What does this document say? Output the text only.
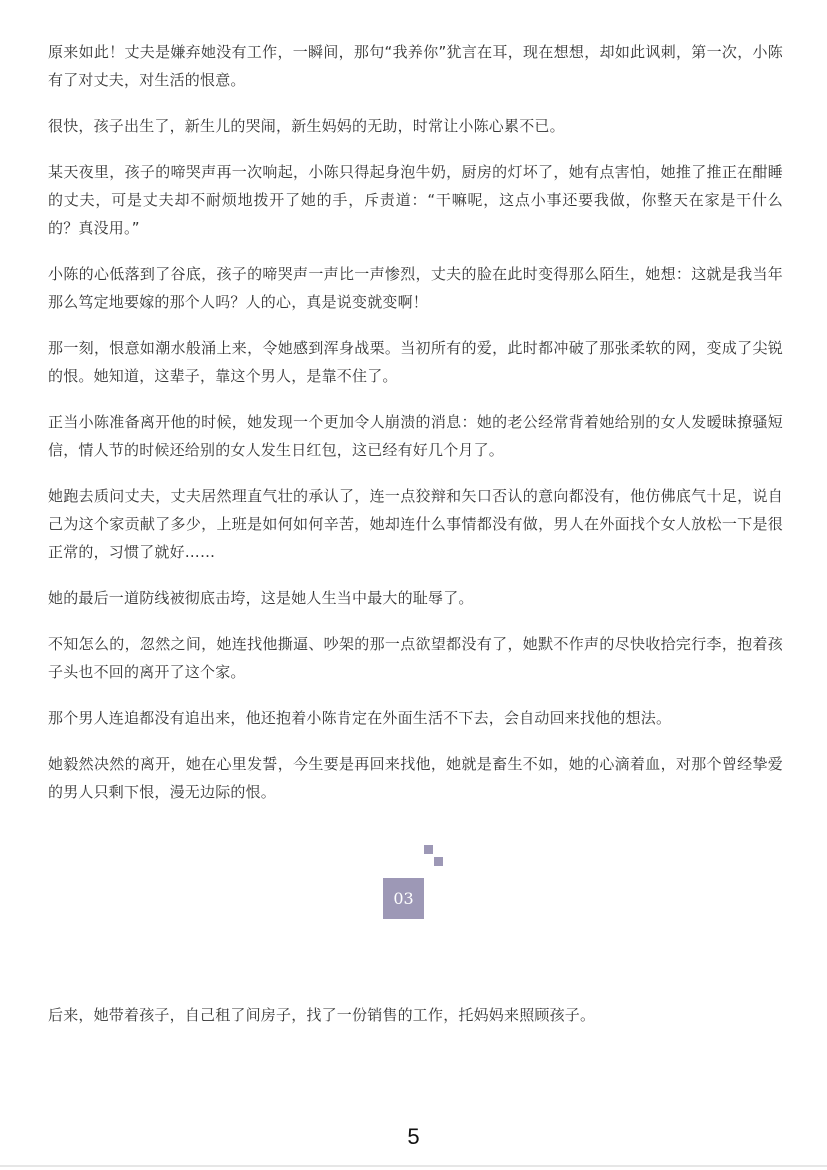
原来如此！丈夫是嫌弃她没有工作，一瞬间，那句“我养你”犹言在耳，现在想想，却如此讽刺，第一次，小陈有了对丈夫，对生活的恨意。

很快，孩子出生了，新生儿的哭闹，新生妈妈的无助，时常让小陈心累不已。

某天夜里，孩子的啼哭声再一次响起，小陈只得起身泡牛奶，厨房的灯坏了，她有点害怕，她推了推正在酣睡的丈夫，可是丈夫却不耐烦地拨开了她的手，斥责道：“干嘛呢，这点小事还要我做，你整天在家是干什么的？真没用。”

小陈的心低落到了谷底，孩子的啼哭声一声比一声惨烈，丈夫的脸在此时变得那么陌生，她想：这就是我当年那么笃定地要嫁的那个人吗？人的心，真是说变就变啊！

那一刻，恨意如潮水般涌上来，令她感到浑身战栗。当初所有的爱，此时都冲破了那张柔软的网，变成了尖锐的恨。她知道，这辈子，靠这个男人，是靠不住了。

正当小陈准备离开他的时候，她发现一个更加令人崩溃的消息：她的老公经常背着她给别的女人发暧昧撩骚短信，情人节的时候还给别的女人发生日红包，这已经有好几个月了。

她跑去质问丈夫，丈夫居然理直气壮的承认了，连一点狡辩和矢口否认的意向都没有，他仿佛底气十足，说自己为这个家贡献了多少，上班是如何如何辛苦，她却连什么事情都没有做，男人在外面找个女人放松一下是很正常的，习惯了就好……

她的最后一道防线被彻底击垮，这是她人生当中最大的耻辱了。

不知怎么的，忽然之间，她连找他撕逼、吵架的那一点欲望都没有了，她默不作声的尽快收拾完行李，抱着孩子头也不回的离开了这个家。

那个男人连追都没有追出来，他还抱着小陈肯定在外面生活不下去，会自动回来找他的想法。

她毅然决然的离开，她在心里发誓，今生要是再回来找他，她就是畜生不如，她的心滴着血，对那个曾经挚爱的男人只剩下恨，漫无边际的恨。

03

后来，她带着孩子，自己租了间房子，找了一份销售的工作，托妈妈来照顾孩子。

5
